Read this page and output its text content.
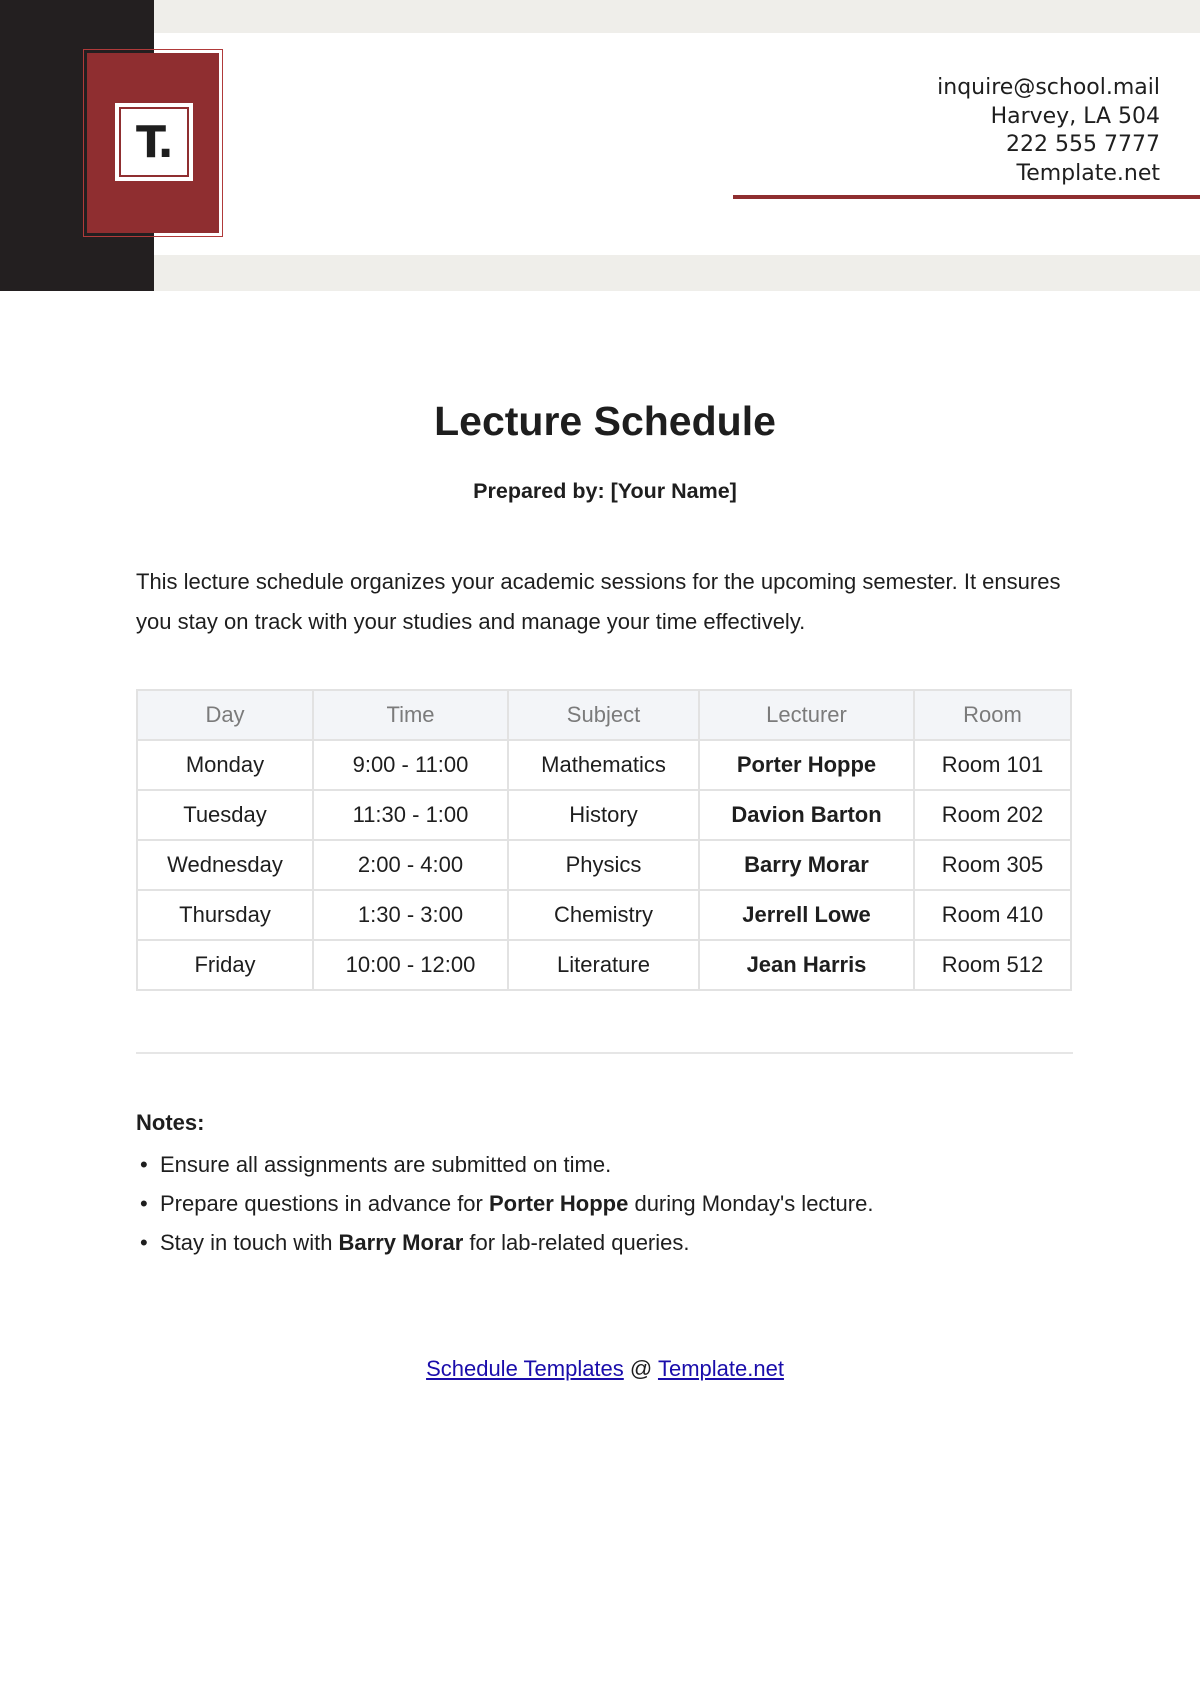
T.
inquire@school.mail
Harvey, LA 504
222 555 7777
Template.net
Lecture Schedule
Prepared by: [Your Name]
This lecture schedule organizes your academic sessions for the upcoming semester. It ensures you stay on track with your studies and manage your time effectively.
Day	Time	Subject	Lecturer	Room
Monday	9:00 - 11:00	Mathematics	Porter Hoppe	Room 101
Tuesday	11:30 - 1:00	History	Davion Barton	Room 202
Wednesday	2:00 - 4:00	Physics	Barry Morar	Room 305
Thursday	1:30 - 3:00	Chemistry	Jerrell Lowe	Room 410
Friday	10:00 - 12:00	Literature	Jean Harris	Room 512
Notes:
• Ensure all assignments are submitted on time.
• Prepare questions in advance for Porter Hoppe during Monday's lecture.
• Stay in touch with Barry Morar for lab-related queries.
Schedule Templates @ Template.net
